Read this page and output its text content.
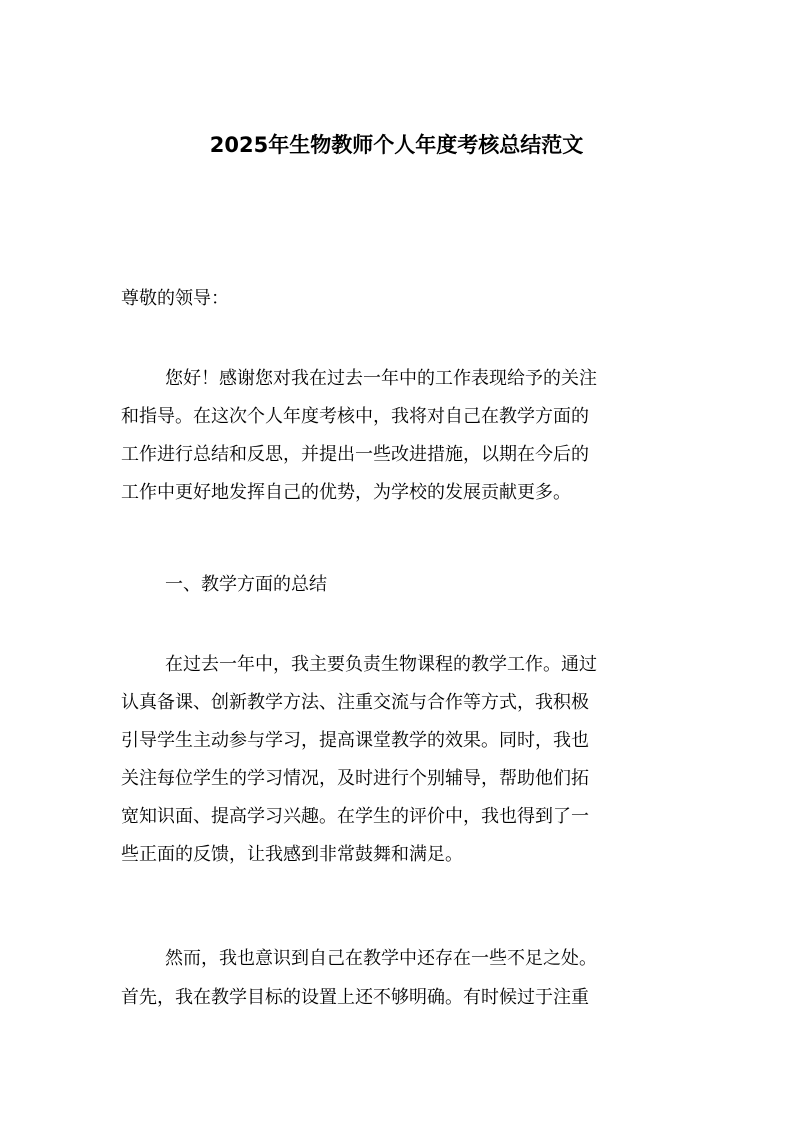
2025年生物教师个人年度考核总结范文
尊敬的领导：
您好！感谢您对我在过去一年中的工作表现给予的关注
和指导。在这次个人年度考核中，我将对自己在教学方面的
工作进行总结和反思，并提出一些改进措施，以期在今后的
工作中更好地发挥自己的优势，为学校的发展贡献更多。
一、教学方面的总结
在过去一年中，我主要负责生物课程的教学工作。通过
认真备课、创新教学方法、注重交流与合作等方式，我积极
引导学生主动参与学习，提高课堂教学的效果。同时，我也
关注每位学生的学习情况，及时进行个别辅导，帮助他们拓
宽知识面、提高学习兴趣。在学生的评价中，我也得到了一
些正面的反馈，让我感到非常鼓舞和满足。
然而，我也意识到自己在教学中还存在一些不足之处。
首先，我在教学目标的设置上还不够明确。有时候过于注重
